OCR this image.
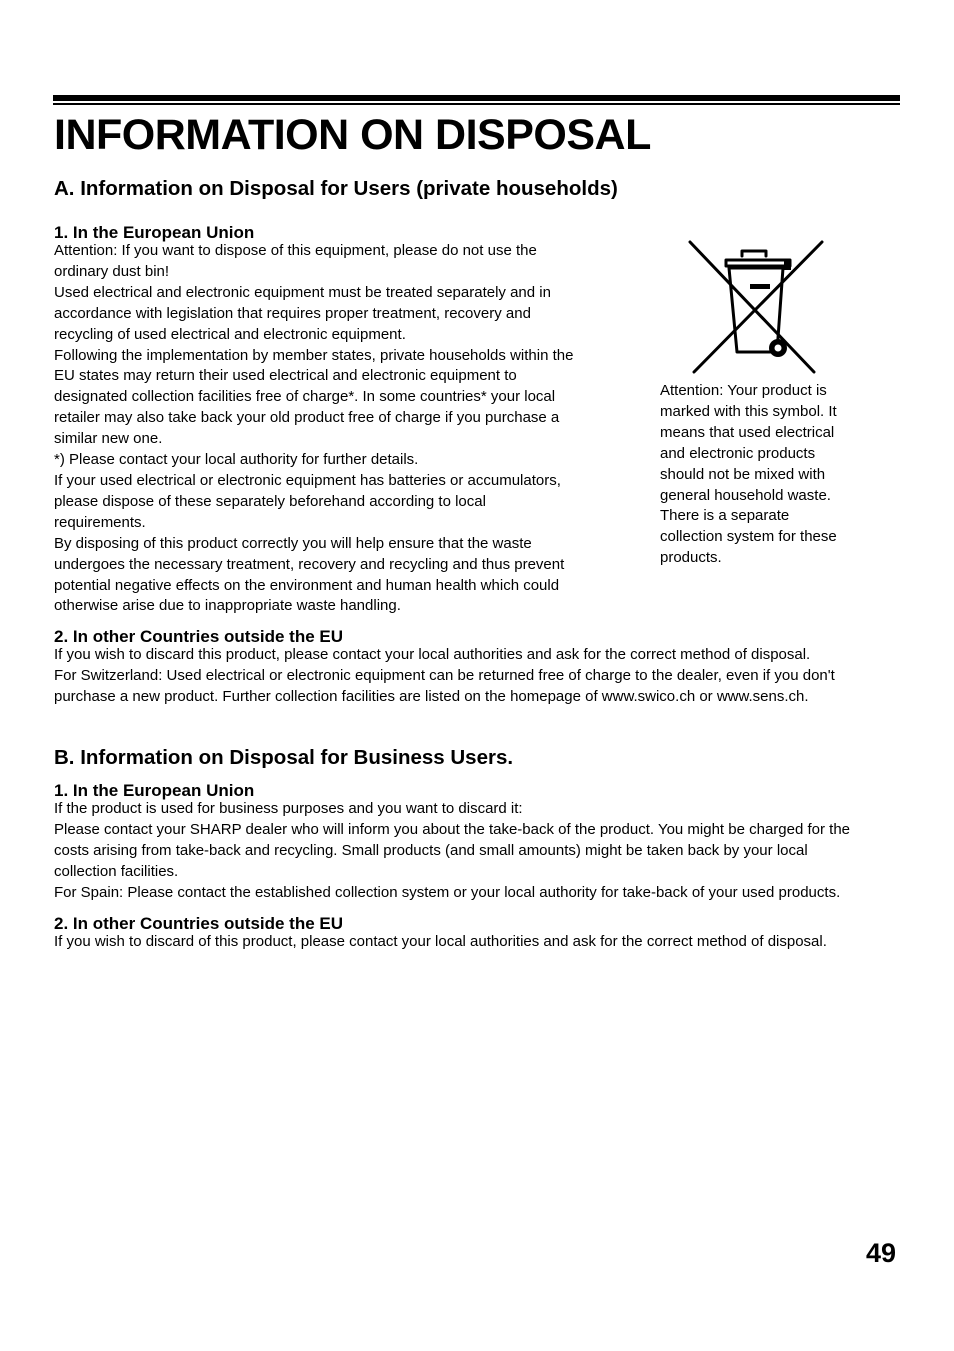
INFORMATION ON DISPOSAL
A. Information on Disposal for Users (private households)
1. In the European Union

Attention: If you want to dispose of this equipment, please do not use the

ordinary dust bin!

Used electrical and electronic equipment must be treated separately and in

accordance with legislation that requires proper treatment, recovery and

recycling of used electrical and electronic equipment.

Following the implementation by member states, private households within the

EU states may return their used electrical and electronic equipment to

designated collection facilities free of charge*. In some countries* your local

retailer may also take back your old product free of charge if you purchase a

similar new one.

*) Please contact your local authority for further details.

If your used electrical or electronic equipment has batteries or accumulators,

please dispose of these separately beforehand according to local

requirements.

By disposing of this product correctly you will help ensure that the waste

undergoes the necessary treatment, recovery and recycling and thus prevent

potential negative effects on the environment and human health which could

otherwise arise due to inappropriate waste handling.

Attention: Your product is
marked with this symbol. It
means that used electrical
and electronic products
should not be mixed with
general household waste.
There is a separate
collection system for these
products.
2. In other Countries outside the EU

If you wish to discard this product, please contact your local authorities and ask for the correct method of disposal.

For Switzerland: Used electrical or electronic equipment can be returned free of charge to the dealer, even if you don't

purchase a new product. Further collection facilities are listed on the homepage of www.swico.ch or www.sens.ch.

B. Information on Disposal for Business Users.
1. In the European Union

If the product is used for business purposes and you want to discard it:

Please contact your SHARP dealer who will inform you about the take-back of the product. You might be charged for the

costs arising from take-back and recycling. Small products (and small amounts) might be taken back by your local

collection facilities.

For Spain: Please contact the established collection system or your local authority for take-back of your used products.

2. In other Countries outside the EU

If you wish to discard of this product, please contact your local authorities and ask for the correct method of disposal.

49
